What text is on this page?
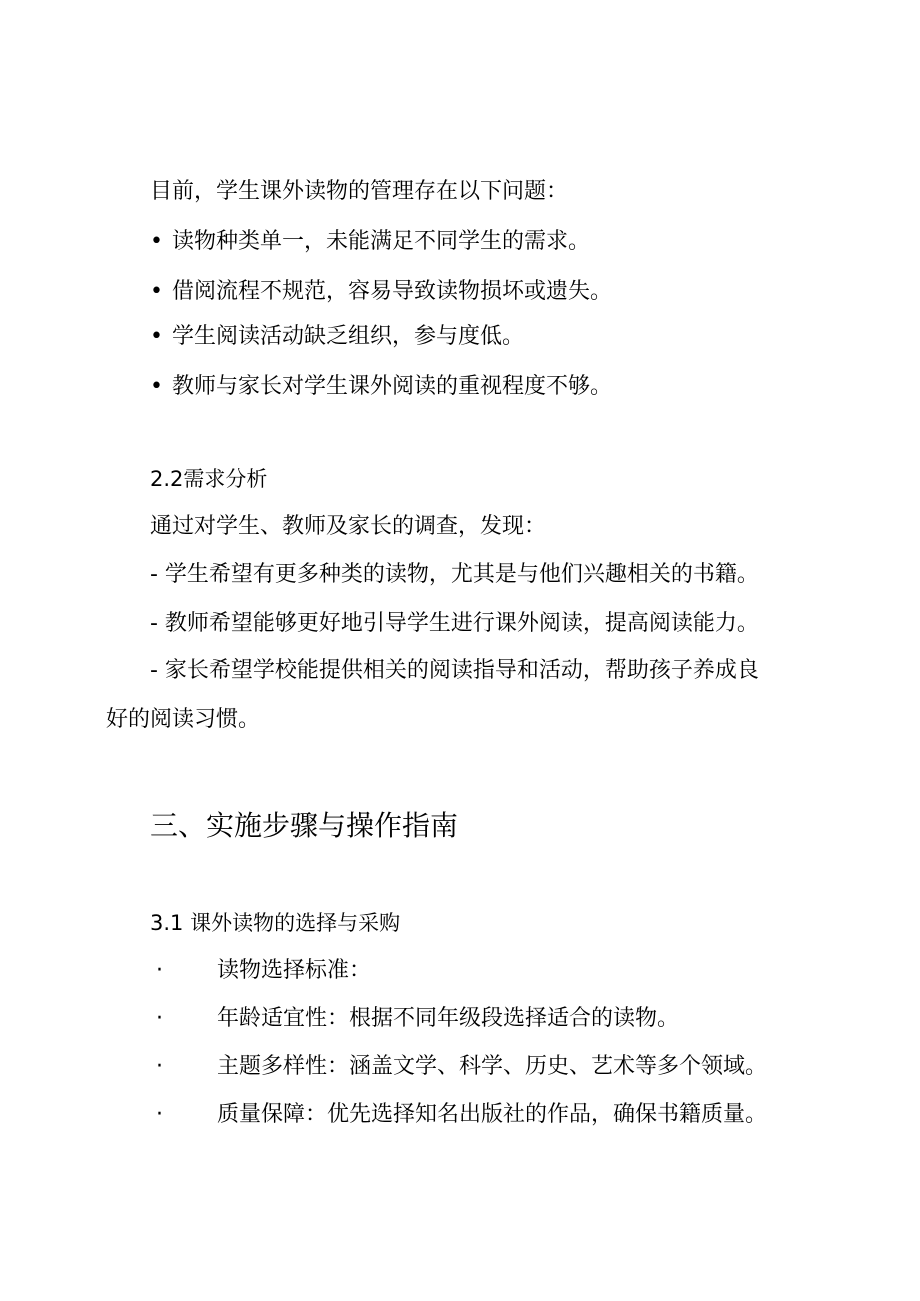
目前，学生课外读物的管理存在以下问题：
• 读物种类单一，未能满足不同学生的需求。
• 借阅流程不规范，容易导致读物损坏或遗失。
• 学生阅读活动缺乏组织，参与度低。
• 教师与家长对学生课外阅读的重视程度不够。
2.2需求分析
通过对学生、教师及家长的调查，发现：
- 学生希望有更多种类的读物，尤其是与他们兴趣相关的书籍。
- 教师希望能够更好地引导学生进行课外阅读，提高阅读能力。
- 家长希望学校能提供相关的阅读指导和活动，帮助孩子养成良
好的阅读习惯。
三、实施步骤与操作指南
3.1 课外读物的选择与采购
· 读物选择标准：
· 年龄适宜性：根据不同年级段选择适合的读物。
· 主题多样性：涵盖文学、科学、历史、艺术等多个领域。
· 质量保障：优先选择知名出版社的作品，确保书籍质量。
